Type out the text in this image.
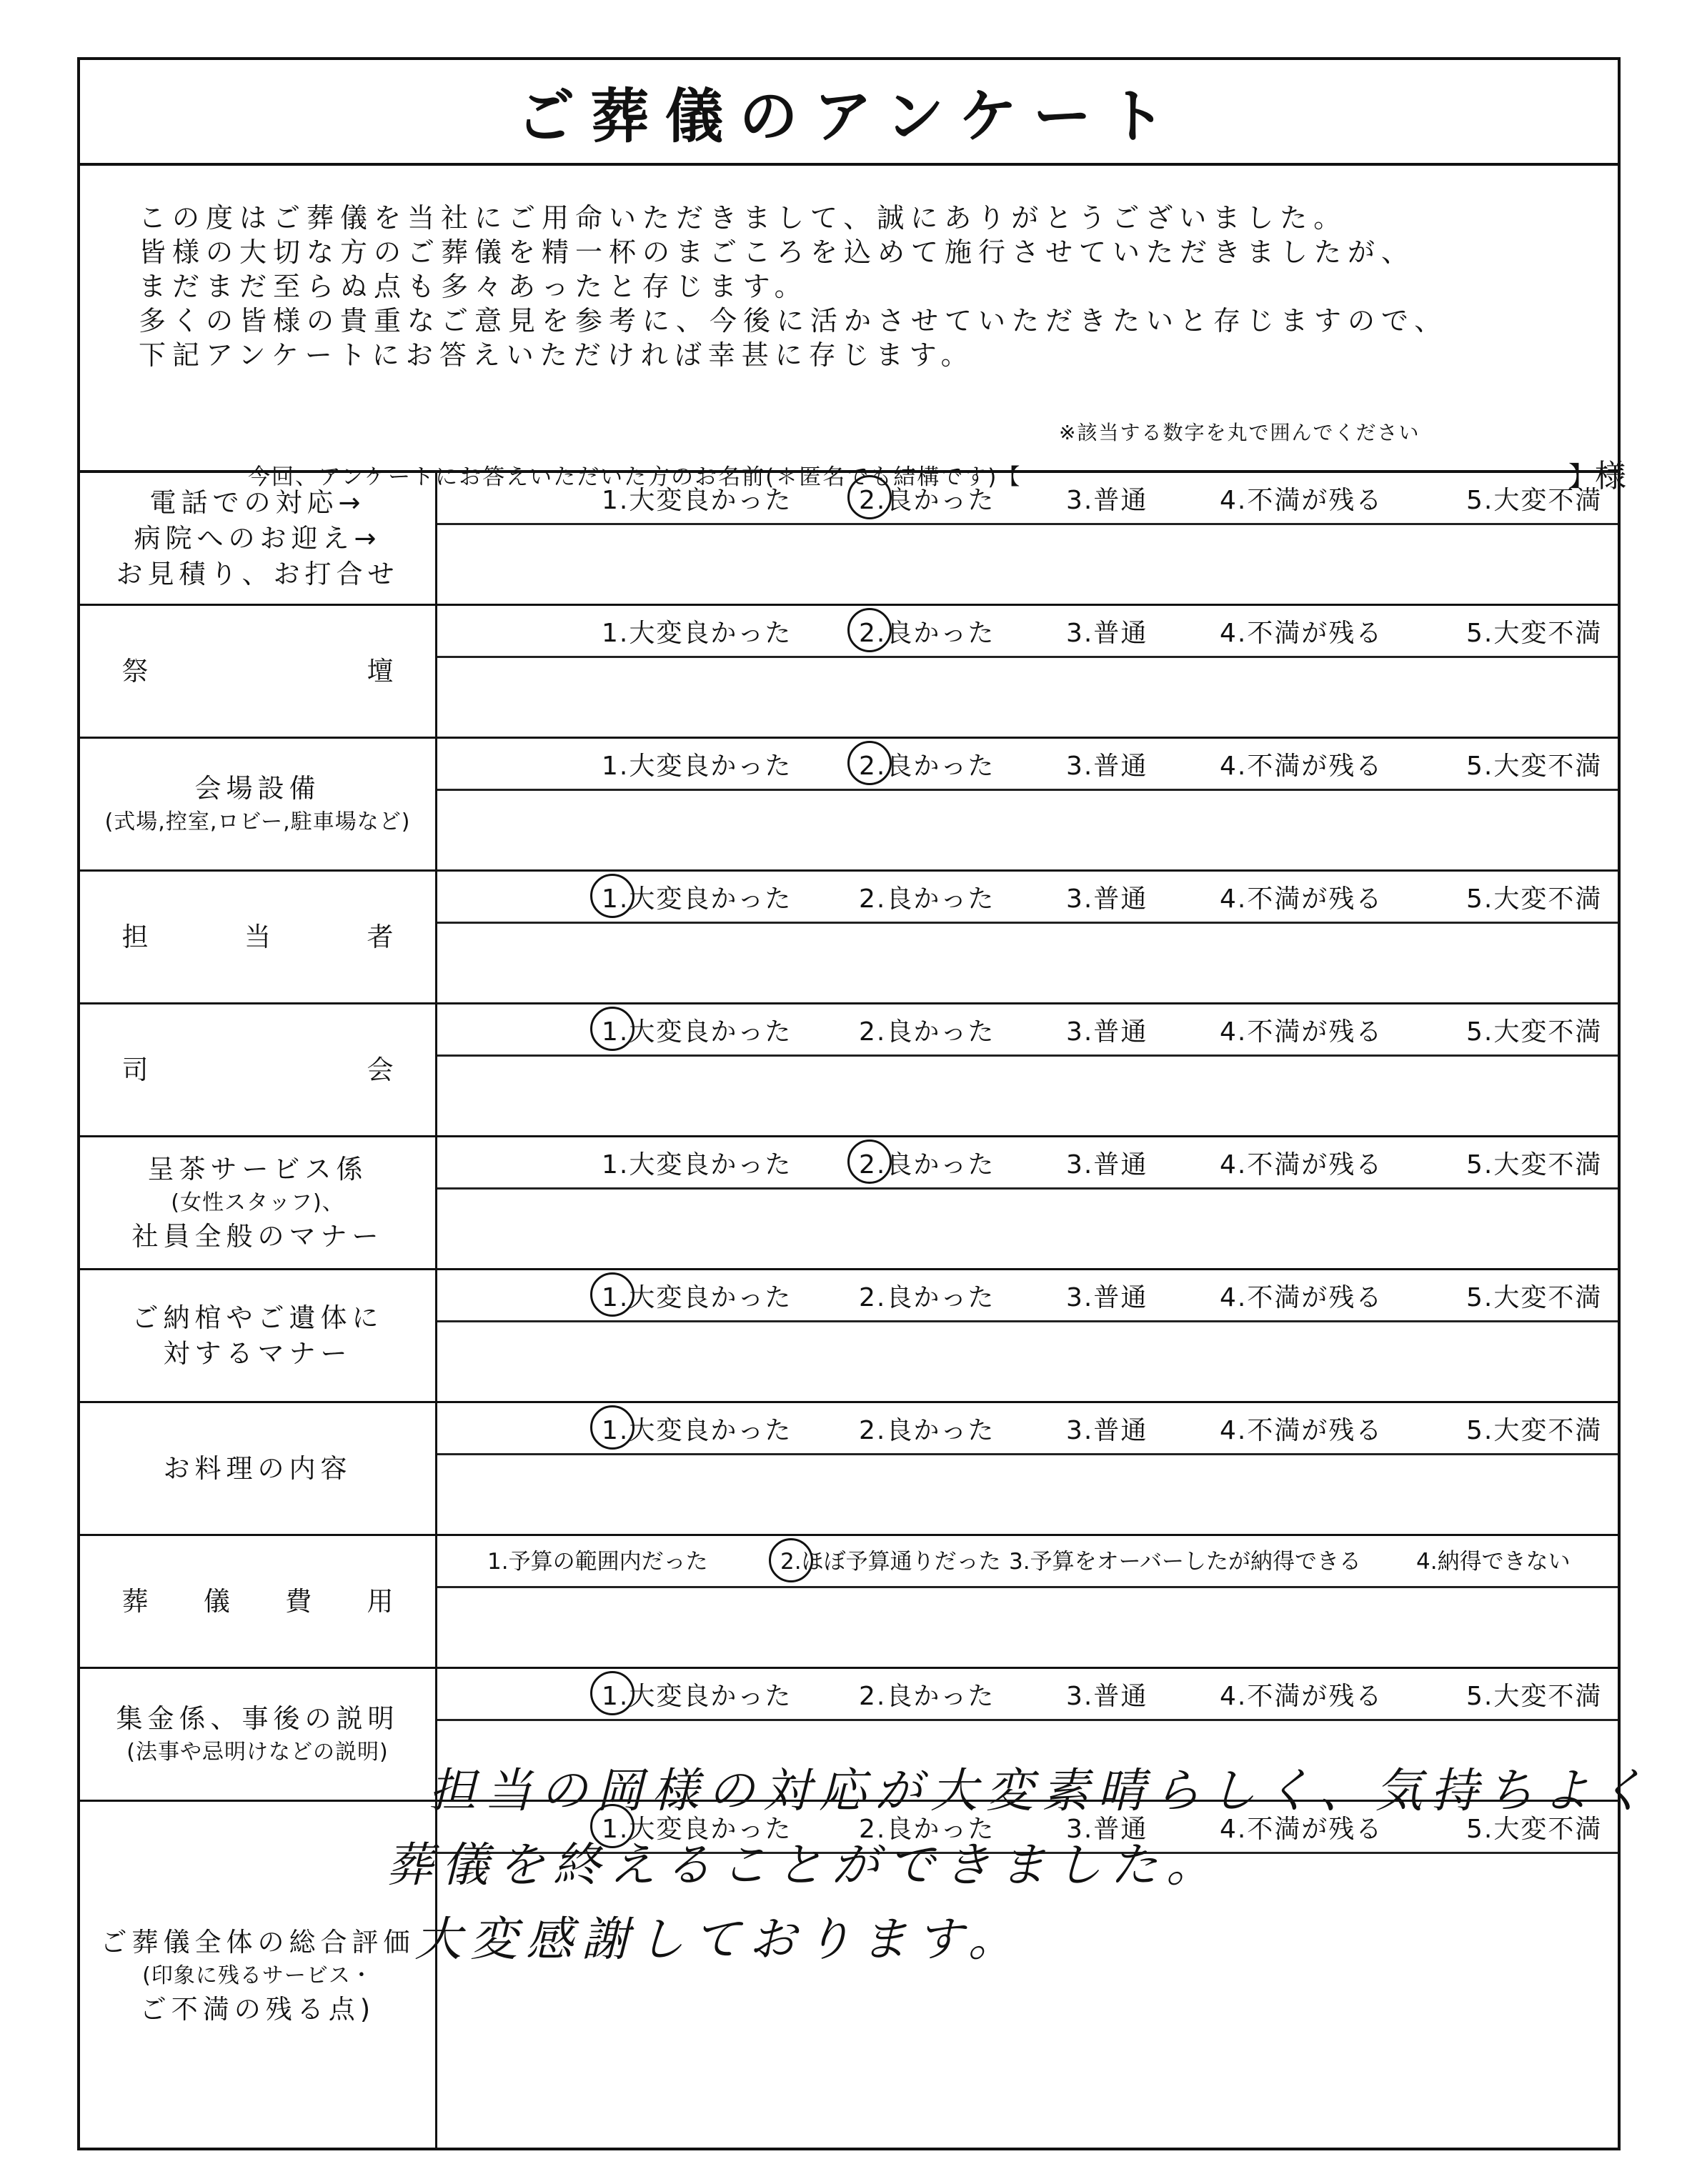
ご葬儀のアンケート
この度はご葬儀を当社にご用命いただきまして、誠にありがとうございました。
皆様の大切な方のご葬儀を精一杯のまごころを込めて施行させていただきましたが、
まだまだ至らぬ点も多々あったと存じます。
多くの皆様の貴重なご意見を参考に、今後に活かさせていただきたいと存じますので、
下記アンケートにお答えいただければ幸甚に存じます。
※該当する数字を丸で囲んでください
今回、アンケートにお答えいただいた方のお名前(＊匿名でも結構です)【	】
様
電話での対応→
病院へのお迎え→
お見積り、お打合せ
1.大変良かった	2.良かった	3.普通	4.不満が残る	5.大変不満
祭	壇
1.大変良かった	2.良かった	3.普通	4.不満が残る	5.大変不満
会場設備
(式場,控室,ロビー,駐車場など)
1.大変良かった	2.良かった	3.普通	4.不満が残る	5.大変不満
担	当	者
1.大変良かった	2.良かった	3.普通	4.不満が残る	5.大変不満
司	会
1.大変良かった	2.良かった	3.普通	4.不満が残る	5.大変不満
呈茶サービス係
(女性スタッフ)、
社員全般のマナー
1.大変良かった	2.良かった	3.普通	4.不満が残る	5.大変不満
ご納棺やご遺体に
対するマナー
1.大変良かった	2.良かった	3.普通	4.不満が残る	5.大変不満
お料理の内容
1.大変良かった	2.良かった	3.普通	4.不満が残る	5.大変不満
葬 儀 費 用
1.予算の範囲内だった	2.ほぼ予算通りだった 3.予算をオーバーしたが納得できる 4.納得できない
集金係、事後の説明
(法事や忌明けなどの説明)
1.大変良かった	2.良かった	3.普通	4.不満が残る	5.大変不満
ご葬儀全体の総合評価
(印象に残るサービス・
ご不満の残る点)
1.大変良かった	2.良かった	3.普通	4.不満が残る	5.大変不満
担当の岡様の対応が大変素晴らしく、気持ちよく
葬儀を終えることができました。
大変感謝しております。
